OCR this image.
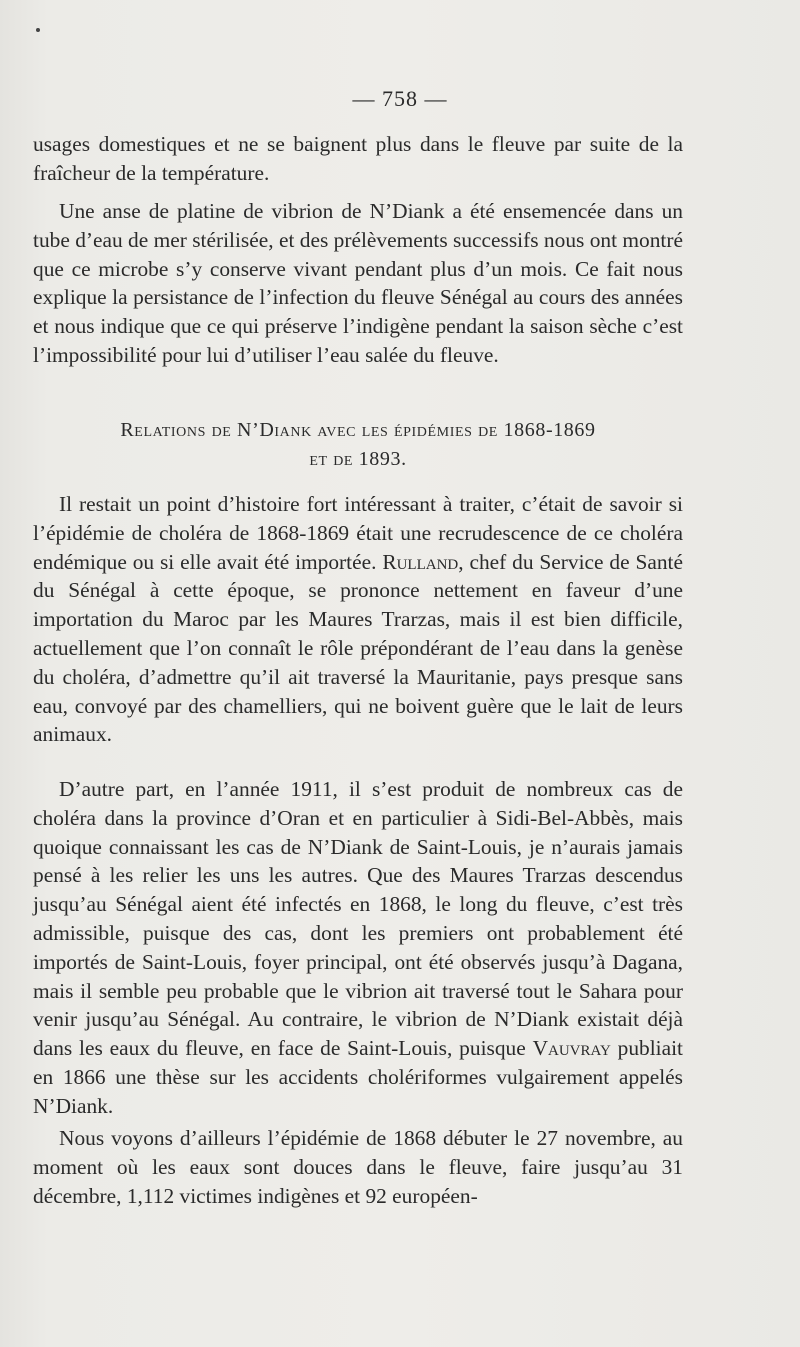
— 758 —

usages domestiques et ne se baignent plus dans le fleuve par suite de la fraîcheur de la température.

Une anse de platine de vibrion de N’Diank a été ensemencée dans un tube d’eau de mer stérilisée, et des prélèvements successifs nous ont montré que ce microbe s’y conserve vivant pendant plus d’un mois. Ce fait nous explique la persistance de l’infection du fleuve Sénégal au cours des années et nous indique que ce qui préserve l’indigène pendant la saison sèche c’est l’impossibilité pour lui d’utiliser l’eau salée du fleuve.

Relations de N’Diank avec les épidémies de 1868-1869
et de 1893.

Il restait un point d’histoire fort intéressant à traiter, c’était de savoir si l’épidémie de choléra de 1868-1869 était une recrudescence de ce choléra endémique ou si elle avait été importée. Rulland, chef du Service de Santé du Sénégal à cette époque, se prononce nettement en faveur d’une importation du Maroc par les Maures Trarzas, mais il est bien difficile, actuellement que l’on connaît le rôle prépondérant de l’eau dans la genèse du choléra, d’admettre qu’il ait traversé la Mauritanie, pays presque sans eau, convoyé par des chamelliers, qui ne boivent guère que le lait de leurs animaux.

D’autre part, en l’année 1911, il s’est produit de nombreux cas de choléra dans la province d’Oran et en particulier à Sidi-Bel-Abbès, mais quoique connaissant les cas de N’Diank de Saint-Louis, je n’aurais jamais pensé à les relier les uns les autres. Que des Maures Trarzas descendus jusqu’au Sénégal aient été infectés en 1868, le long du fleuve, c’est très admissible, puisque des cas, dont les premiers ont probablement été importés de Saint-Louis, foyer principal, ont été observés jusqu’à Dagana, mais il semble peu probable que le vibrion ait traversé tout le Sahara pour venir jusqu’au Sénégal. Au contraire, le vibrion de N’Diank existait déjà dans les eaux du fleuve, en face de Saint-Louis, puisque Vauvray publiait en 1866 une thèse sur les accidents cholériformes vulgairement appelés N’Diank.

Nous voyons d’ailleurs l’épidémie de 1868 débuter le 27 novembre, au moment où les eaux sont douces dans le fleuve, faire jusqu’au 31 décembre, 1,112 victimes indigènes et 92 européen-
